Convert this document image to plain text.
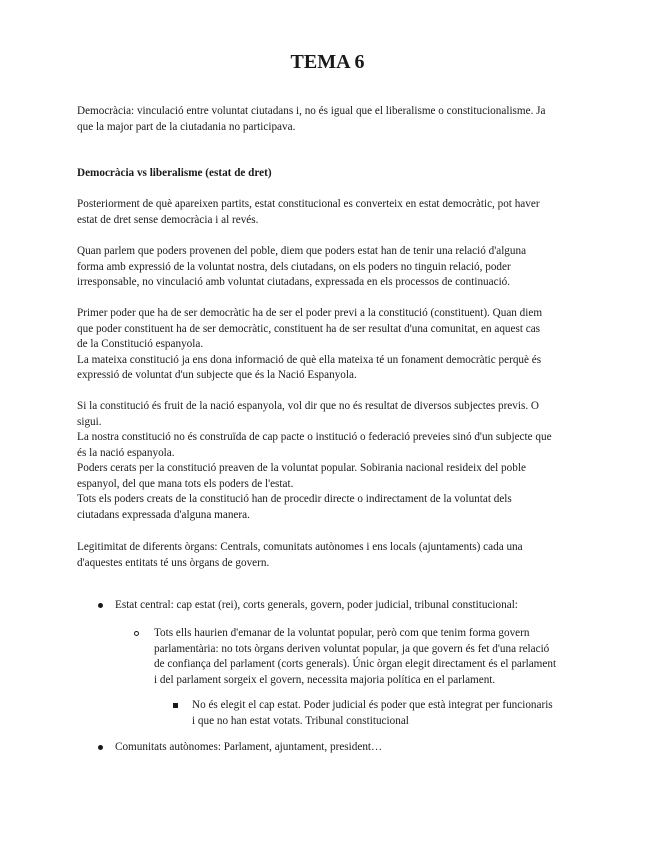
TEMA 6
Democràcia: vinculació entre voluntat ciutadans i, no és igual que el liberalisme o constitucionalisme. Ja
que la major part de la ciutadania no participava.
Democràcia vs liberalisme (estat de dret)
Posteriorment de què apareixen partits, estat constitucional es converteix en estat democràtic, pot haver
estat de dret sense democràcia i al revés.
Quan parlem que poders provenen del poble, diem que poders estat han de tenir una relació d'alguna
forma amb expressió de la voluntat nostra, dels ciutadans, on els poders no tinguin relació, poder
irresponsable, no vinculació amb voluntat ciutadans, expressada en els processos de continuació.
Primer poder que ha de ser democràtic ha de ser el poder previ a la constitució (constituent). Quan diem
que poder constituent ha de ser democràtic, constituent ha de ser resultat d'una comunitat, en aquest cas
de la Constitució espanyola.
La mateixa constitució ja ens dona informació de què ella mateixa té un fonament democràtic perquè és
expressió de voluntat d'un subjecte que és la Nació Espanyola.
Si la constitució és fruit de la nació espanyola, vol dir que no és resultat de diversos subjectes previs. O
sigui.
La nostra constitució no és construïda de cap pacte o institució o federació preveies sinó d'un subjecte que
és la nació espanyola.
Poders cerats per la constitució preaven de la voluntat popular. Sobirania nacional resideix del poble
espanyol, del que mana tots els poders de l'estat.
Tots els poders creats de la constitució han de procedir directe o indirectament de la voluntat dels
ciutadans expressada d'alguna manera.
Legitimitat de diferents òrgans: Centrals, comunitats autònomes i ens locals (ajuntaments) cada una
d'aquestes entitats té uns òrgans de govern.
Estat central: cap estat (rei), corts generals, govern, poder judicial, tribunal constitucional:
Tots ells haurien d'emanar de la voluntat popular, però com que tenim forma govern
parlamentària: no tots òrgans deriven voluntat popular, ja que govern és fet d'una relació
de confiança del parlament (corts generals). Únic òrgan elegit directament és el parlament
i del parlament sorgeix el govern, necessita majoria política en el parlament.
No és elegit el cap estat. Poder judicial és poder que està integrat per funcionaris
i que no han estat votats. Tribunal constitucional
Comunitats autònomes: Parlament, ajuntament, president…
